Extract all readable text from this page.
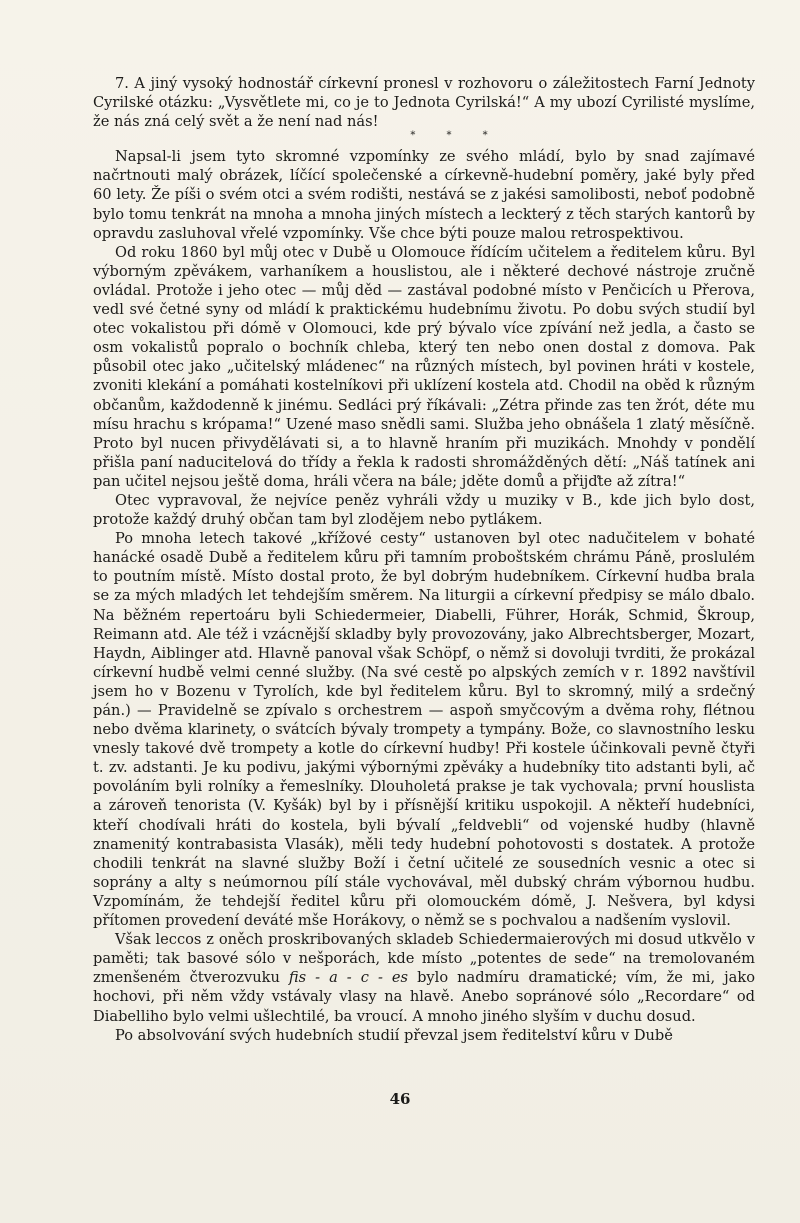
7. A jiný vysoký hodnostář církevní pronesl v rozhovoru o záležitostech Farní Jednoty Cyrilské otázku: „Vysvětlete mi, co je to Jednota Cyrilská!“ A my ubozí Cyrilisté myslíme, že nás zná celý svět a že není nad nás!

* * *

Napsal-li jsem tyto skromné vzpomínky ze svého mládí, bylo by snad zajímavé načrtnouti malý obrázek, líčící společenské a církevně-hudební poměry, jaké byly před 60 lety. Že píši o svém otci a svém rodišti, nestává se z jakési samolibosti, neboť podobně bylo tomu tenkrát na mnoha a mnoha jiných místech a leckterý z těch starých kantorů by opravdu zasluhoval vřelé vzpomínky. Vše chce býti pouze malou retrospektivou.

Od roku 1860 byl můj otec v Dubě u Olomouce řídícím učitelem a ředitelem kůru. Byl výborným zpěvákem, varhaníkem a houslistou, ale i některé dechové nástroje zručně ovládal. Protože i jeho otec — můj děd — zastával podobné místo v Penčicích u Přerova, vedl své četné syny od mládí k praktickému hudebnímu životu. Po dobu svých studií byl otec vokalistou při dómě v Olomouci, kde prý bývalo více zpívání než jedla, a často se osm vokalistů popralo o bochník chleba, který ten nebo onen dostal z domova. Pak působil otec jako „učitelský mládenec“ na různých místech, byl povinen hráti v kostele, zvoniti klekání a pomáhati kostelníkovi při uklízení kostela atd. Chodil na oběd k různým občanům, každodenně k jinému. Sedláci prý říkávali: „Zétra přinde zas ten žrót, déte mu mísu hrachu s krópama!“ Uzené maso snědli sami. Služba jeho obnášela 1 zlatý měsíčně. Proto byl nucen přivydělávati si, a to hlavně hraním při muzikách. Mnohdy v pondělí přišla paní naducitelová do třídy a řekla k radosti shromážděných dětí: „Náš tatínek ani pan učitel nejsou ještě doma, hráli včera na bále; jděte domů a přijďte až zítra!“

Otec vypravoval, že nejvíce peněz vyhráli vždy u muziky v B., kde jich bylo dost, protože každý druhý občan tam byl zlodějem nebo pytlákem.

Po mnoha letech takové „křížové cesty“ ustanoven byl otec nadučitelem v bohaté hanácké osadě Dubě a ředitelem kůru při tamním proboštském chrámu Páně, proslulém to poutním místě. Místo dostal proto, že byl dobrým hudebníkem. Církevní hudba brala se za mých mladých let tehdejším směrem. Na liturgii a církevní předpisy se málo dbalo. Na běžném repertoáru byli Schiedermeier, Diabelli, Führer, Horák, Schmid, Škroup, Reimann atd. Ale též i vzácnější skladby byly provozovány, jako Albrechtsberger, Mozart, Haydn, Aiblinger atd. Hlavně panoval však Schöpf, o němž si dovoluji tvrditi, že prokázal církevní hudbě velmi cenné služby. (Na své cestě po alpských zemích v r. 1892 navštívil jsem ho v Bozenu v Tyrolích, kde byl ředitelem kůru. Byl to skromný, milý a srdečný pán.) — Pravidelně se zpívalo s orchestrem — aspoň smyčcovým a dvěma rohy, flétnou nebo dvěma klarinety, o svátcích bývaly trompety a tympány. Bože, co slavnostního lesku vnesly takové dvě trompety a kotle do církevní hudby! Při kostele účinkovali pevně čtyři t. zv. adstanti. Je ku podivu, jakými výbornými zpěváky a hudebníky tito adstanti byli, ač povoláním byli rolníky a řemeslníky. Dlouholetá prakse je tak vychovala; první houslista a zároveň tenorista (V. Kyšák) byl by i přísnější kritiku uspokojil. A někteří hudebníci, kteří chodívali hráti do kostela, byli bývalí „feldvebli“ od vojenské hudby (hlavně znamenitý kontrabasista Vlasák), měli tedy hudební pohotovosti s dostatek. A protože chodili tenkrát na slavné služby Boží i četní učitelé ze sousedních vesnic a otec si soprány a alty s neúmornou pílí stále vychovával, měl dubský chrám výbornou hudbu. Vzpomínám, že tehdejší ředitel kůru při olomouckém dómě, J. Nešvera, byl kdysi přítomen provedení deváté mše Horákovy, o němž se s pochvalou a nadšením vyslovil.

Však leccos z oněch proskribovaných skladeb Schiedermaierových mi dosud utkvělo v paměti; tak basové sólo v nešporách, kde místo „potentes de sede“ na tremolovaném zmenšeném čtverozvuku fis - a - c - es bylo nadmíru dramatické; vím, že mi, jako hochovi, při něm vždy vstávaly vlasy na hlavě. Anebo sopránové sólo „Recordare“ od Diabelliho bylo velmi ušlechtilé, ba vroucí. A mnoho jiného slyším v duchu dosud.

Po absolvování svých hudebních studií převzal jsem ředitelství kůru v Dubě

46
